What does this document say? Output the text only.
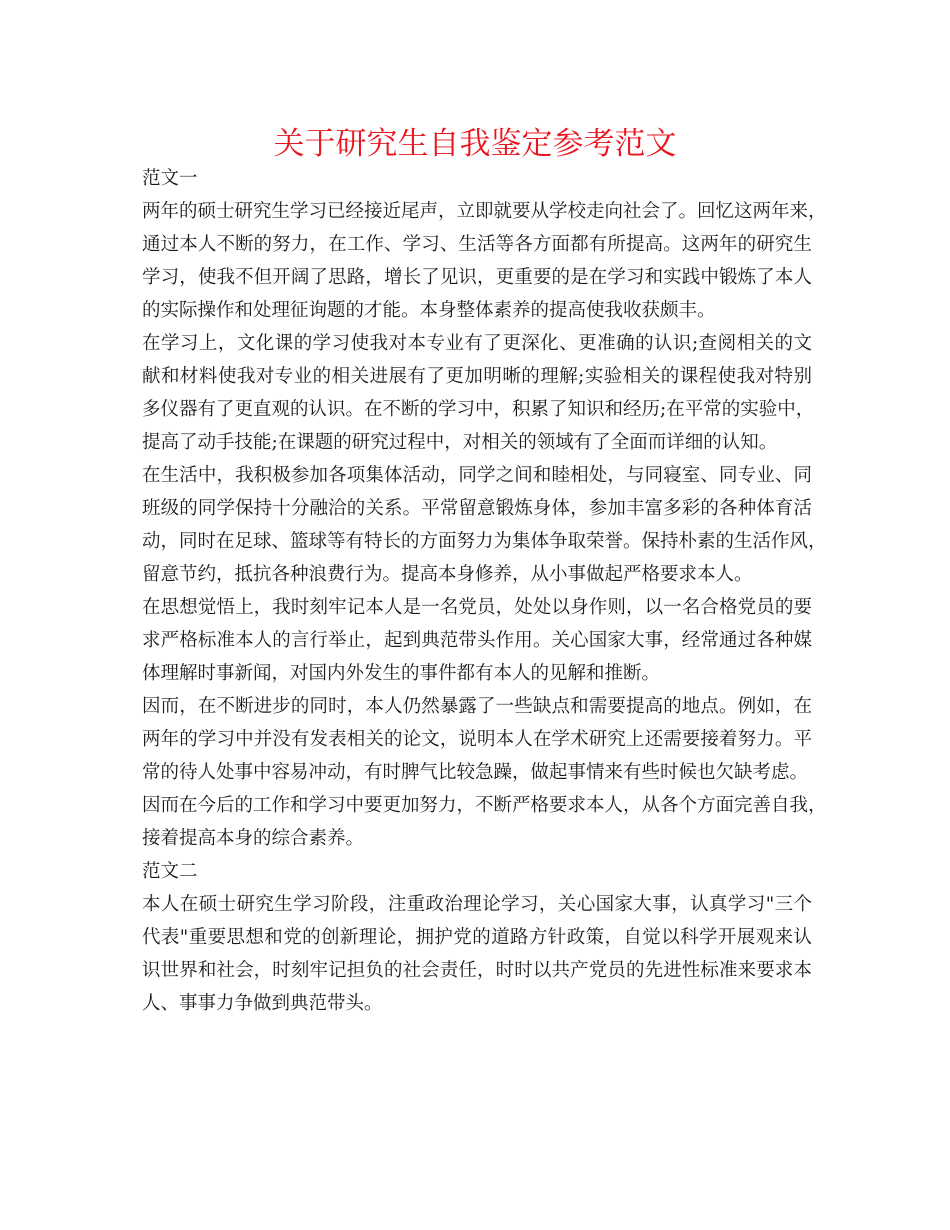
关于研究生自我鉴定参考范文
范文一
两年的硕士研究生学习已经接近尾声，立即就要从学校走向社会了。回忆这两年来，
通过本人不断的努力，在工作、学习、生活等各方面都有所提高。这两年的研究生
学习，使我不但开阔了思路，增长了见识，更重要的是在学习和实践中锻炼了本人
的实际操作和处理征询题的才能。本身整体素养的提高使我收获颇丰。
在学习上，文化课的学习使我对本专业有了更深化、更准确的认识;查阅相关的文
献和材料使我对专业的相关进展有了更加明晰的理解;实验相关的课程使我对特别
多仪器有了更直观的认识。在不断的学习中，积累了知识和经历;在平常的实验中，
提高了动手技能;在课题的研究过程中，对相关的领域有了全面而详细的认知。
在生活中，我积极参加各项集体活动，同学之间和睦相处，与同寝室、同专业、同
班级的同学保持十分融洽的关系。平常留意锻炼身体，参加丰富多彩的各种体育活
动，同时在足球、篮球等有特长的方面努力为集体争取荣誉。保持朴素的生活作风，
留意节约，抵抗各种浪费行为。提高本身修养，从小事做起严格要求本人。
在思想觉悟上，我时刻牢记本人是一名党员，处处以身作则，以一名合格党员的要
求严格标准本人的言行举止，起到典范带头作用。关心国家大事，经常通过各种媒
体理解时事新闻，对国内外发生的事件都有本人的见解和推断。
因而，在不断进步的同时，本人仍然暴露了一些缺点和需要提高的地点。例如，在
两年的学习中并没有发表相关的论文，说明本人在学术研究上还需要接着努力。平
常的待人处事中容易冲动，有时脾气比较急躁，做起事情来有些时候也欠缺考虑。
因而在今后的工作和学习中要更加努力，不断严格要求本人，从各个方面完善自我，
接着提高本身的综合素养。
范文二
本人在硕士研究生学习阶段，注重政治理论学习，关心国家大事，认真学习"三个
代表"重要思想和党的创新理论，拥护党的道路方针政策，自觉以科学开展观来认
识世界和社会，时刻牢记担负的社会责任，时时以共产党员的先进性标准来要求本
人、事事力争做到典范带头。
